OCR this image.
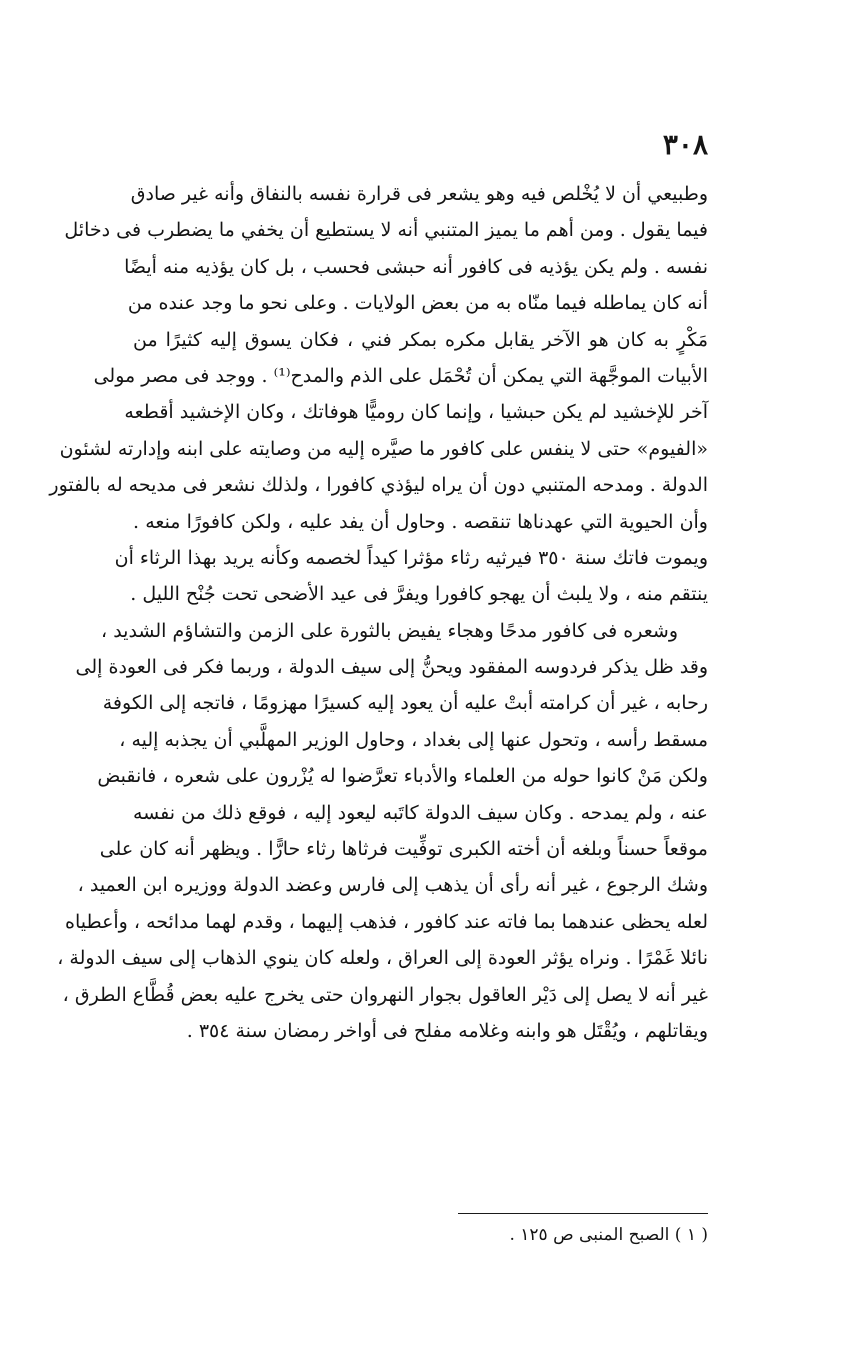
٣٠٨

وطبيعي أن لا يُخْلص فيه وهو يشعر فى قرارة نفسه بالنفاق وأنه غير صادق
فيما يقول . ومن أهم ما يميز المتنبي أنه لا يستطيع أن يخفي ما يضطرب فى دخائل
نفسه . ولم يكن يؤذيه فى كافور أنه حبشى فحسب ، بل كان يؤذيه منه أيضًا
أنه كان يماطله فيما منّاه به من بعض الولايات . وعلى نحو ما وجد عنده من
مَكْرٍ به كان هو الآخر يقابل مكره بمكر فني ، فكان يسوق إليه كثيرًا من
الأبيات الموجَّهة التي يمكن أن تُحْمَل على الذم والمدح⁽¹⁾ . ووجد فى مصر مولى
آخر للإخشيد لم يكن حبشيا ، وإنما كان روميًّا هوفاتك ، وكان الإخشيد أقطعه
«الفيوم» حتى لا ينفس على كافور ما صيَّره إليه من وصايته على ابنه وإدارته لشئون
الدولة . ومدحه المتنبي دون أن يراه ليؤذي كافورا ، ولذلك نشعر فى مديحه له بالفتور
وأن الحيوية التي عهدناها تنقصه . وحاول أن يفد عليه ، ولكن كافورًا منعه .
ويموت فاتك سنة ٣٥٠ فيرثيه رثاء مؤثرا كيداً لخصمه وكأنه يريد بهذا الرثاء أن
ينتقم منه ، ولا يلبث أن يهجو كافورا ويفرَّ فى عيد الأضحى تحت جُنْح الليل .
وشعره فى كافور مدحًا وهجاء يفيض بالثورة على الزمن والتشاؤم الشديد ،
وقد ظل يذكر فردوسه المفقود ويحنُّ إلى سيف الدولة ، وربما فكر فى العودة إلى
رحابه ، غير أن كرامته أبتْ عليه أن يعود إليه كسيرًا مهزومًا ، فاتجه إلى الكوفة
مسقط رأسه ، وتحول عنها إلى بغداد ، وحاول الوزير المهلَّبي أن يجذبه إليه ،
ولكن مَنْ كانوا حوله من العلماء والأدباء تعرَّضوا له يُزْرون على شعره ، فانقبض
عنه ، ولم يمدحه . وكان سيف الدولة كاتَبه ليعود إليه ، فوقع ذلك من نفسه
موقعاً حسناً وبلغه أن أخته الكبرى توفِّيت فرثاها رثاء حارًّا . ويظهر أنه كان على
وشك الرجوع ، غير أنه رأى أن يذهب إلى فارس وعضد الدولة ووزيره ابن العميد ،
لعله يحظى عندهما بما فاته عند كافور ، فذهب إليهما ، وقدم لهما مدائحه ، وأعطياه
نائلا غَمْرًا . ونراه يؤثر العودة إلى العراق ، ولعله كان ينوي الذهاب إلى سيف الدولة ،
غير أنه لا يصل إلى دَيْر العاقول بجوار النهروان حتى يخرج عليه بعض قُطَّاع الطرق ،
ويقاتلهم ، ويُقْتَل هو وابنه وغلامه مفلح فى أواخر رمضان سنة ٣٥٤ .

( ١ ) الصبح المنبى ص ١٢٥ .
